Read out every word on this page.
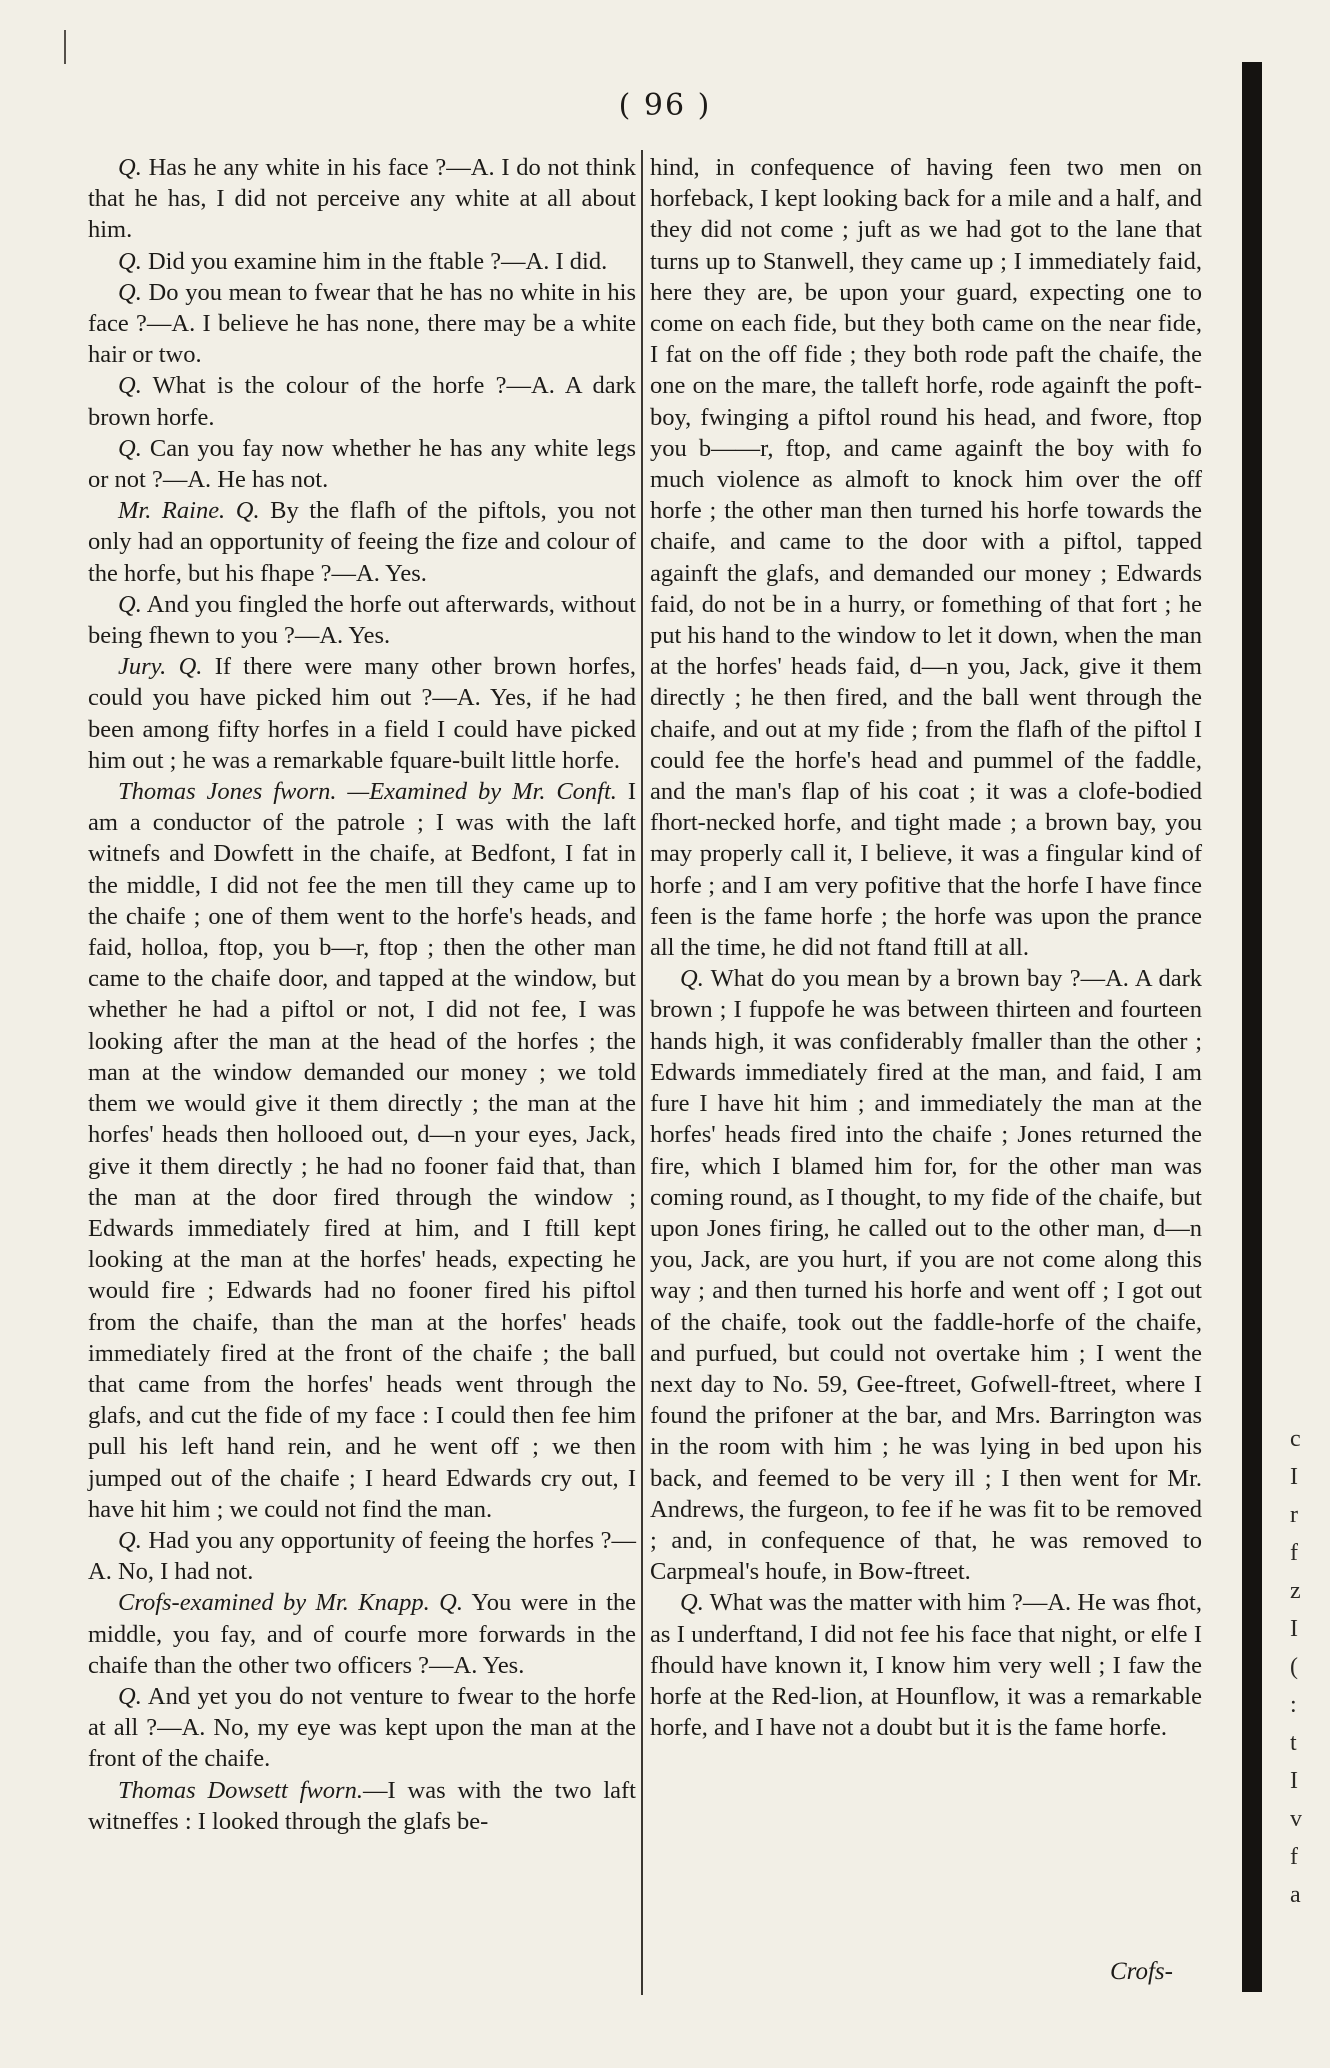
( 96 )

Q. Has he any white in his face ?—A. I do not think that he has, I did not perceive any white at all about him.

Q. Did you examine him in the ftable ?—A. I did.

Q. Do you mean to fwear that he has no white in his face ?—A. I believe he has none, there may be a white hair or two.

Q. What is the colour of the horfe ?—A. A dark brown horfe.

Q. Can you fay now whether he has any white legs or not ?—A. He has not.

Mr. Raine. Q. By the flafh of the piftols, you not only had an opportunity of feeing the fize and colour of the horfe, but his fhape ?—A. Yes.

Q. And you fingled the horfe out afterwards, without being fhewn to you ?—A. Yes.

Jury. Q. If there were many other brown horfes, could you have picked him out ?—A. Yes, if he had been among fifty horfes in a field I could have picked him out ; he was a remarkable fquare-built little horfe.

Thomas Jones fworn. —Examined by Mr. Conft. I am a conductor of the patrole ; I was with the laft witnefs and Dowfett in the chaife, at Bedfont, I fat in the middle, I did not fee the men till they came up to the chaife ; one of them went to the horfe's heads, and faid, holloa, ftop, you b—r, ftop ; then the other man came to the chaife door, and tapped at the window, but whether he had a piftol or not, I did not fee, I was looking after the man at the head of the horfes ; the man at the window demanded our money ; we told them we would give it them directly ; the man at the horfes' heads then hollooed out, d—n your eyes, Jack, give it them directly ; he had no fooner faid that, than the man at the door fired through the window ; Edwards immediately fired at him, and I ftill kept looking at the man at the horfes' heads, expecting he would fire ; Edwards had no fooner fired his piftol from the chaife, than the man at the horfes' heads immediately fired at the front of the chaife ; the ball that came from the horfes' heads went through the glafs, and cut the fide of my face : I could then fee him pull his left hand rein, and he went off ; we then jumped out of the chaife ; I heard Edwards cry out, I have hit him ; we could not find the man.

Q. Had you any opportunity of feeing the horfes ?—A. No, I had not.

Crofs-examined by Mr. Knapp. Q. You were in the middle, you fay, and of courfe more forwards in the chaife than the other two officers ?—A. Yes.

Q. And yet you do not venture to fwear to the horfe at all ?—A. No, my eye was kept upon the man at the front of the chaife.

Thomas Dowsett fworn.—I was with the two laft witneffes : I looked through the glafs be-

hind, in confequence of having feen two men on horfeback, I kept looking back for a mile and a half, and they did not come ; juft as we had got to the lane that turns up to Stanwell, they came up ; I immediately faid, here they are, be upon your guard, expecting one to come on each fide, but they both came on the near fide, I fat on the off fide ; they both rode paft the chaife, the one on the mare, the talleft horfe, rode againft the poft-boy, fwinging a piftol round his head, and fwore, ftop you b——r, ftop, and came againft the boy with fo much violence as almoft to knock him over the off horfe ; the other man then turned his horfe towards the chaife, and came to the door with a piftol, tapped againft the glafs, and demanded our money ; Edwards faid, do not be in a hurry, or fomething of that fort ; he put his hand to the window to let it down, when the man at the horfes' heads faid, d—n you, Jack, give it them directly ; he then fired, and the ball went through the chaife, and out at my fide ; from the flafh of the piftol I could fee the horfe's head and pummel of the faddle, and the man's flap of his coat ; it was a clofe-bodied fhort-necked horfe, and tight made ; a brown bay, you may properly call it, I believe, it was a fingular kind of horfe ; and I am very pofitive that the horfe I have fince feen is the fame horfe ; the horfe was upon the prance all the time, he did not ftand ftill at all.

Q. What do you mean by a brown bay ?—A. A dark brown ; I fuppofe he was between thirteen and fourteen hands high, it was confiderably fmaller than the other ; Edwards immediately fired at the man, and faid, I am fure I have hit him ; and immediately the man at the horfes' heads fired into the chaife ; Jones returned the fire, which I blamed him for, for the other man was coming round, as I thought, to my fide of the chaife, but upon Jones firing, he called out to the other man, d—n you, Jack, are you hurt, if you are not come along this way ; and then turned his horfe and went off ; I got out of the chaife, took out the faddle-horfe of the chaife, and purfued, but could not overtake him ; I went the next day to No. 59, Gee-ftreet, Gofwell-ftreet, where I found the prifoner at the bar, and Mrs. Barrington was in the room with him ; he was lying in bed upon his back, and feemed to be very ill ; I then went for Mr. Andrews, the furgeon, to fee if he was fit to be removed ; and, in confequence of that, he was removed to Carpmeal's houfe, in Bow-ftreet.

Q. What was the matter with him ?—A. He was fhot, as I underftand, I did not fee his face that night, or elfe I fhould have known it, I know him very well ; I faw the horfe at the Red-lion, at Hounflow, it was a remarkable horfe, and I have not a doubt but it is the fame horfe.

Crofs-
c
I
r
f
z
I
(
:
t
I
v
f
a
